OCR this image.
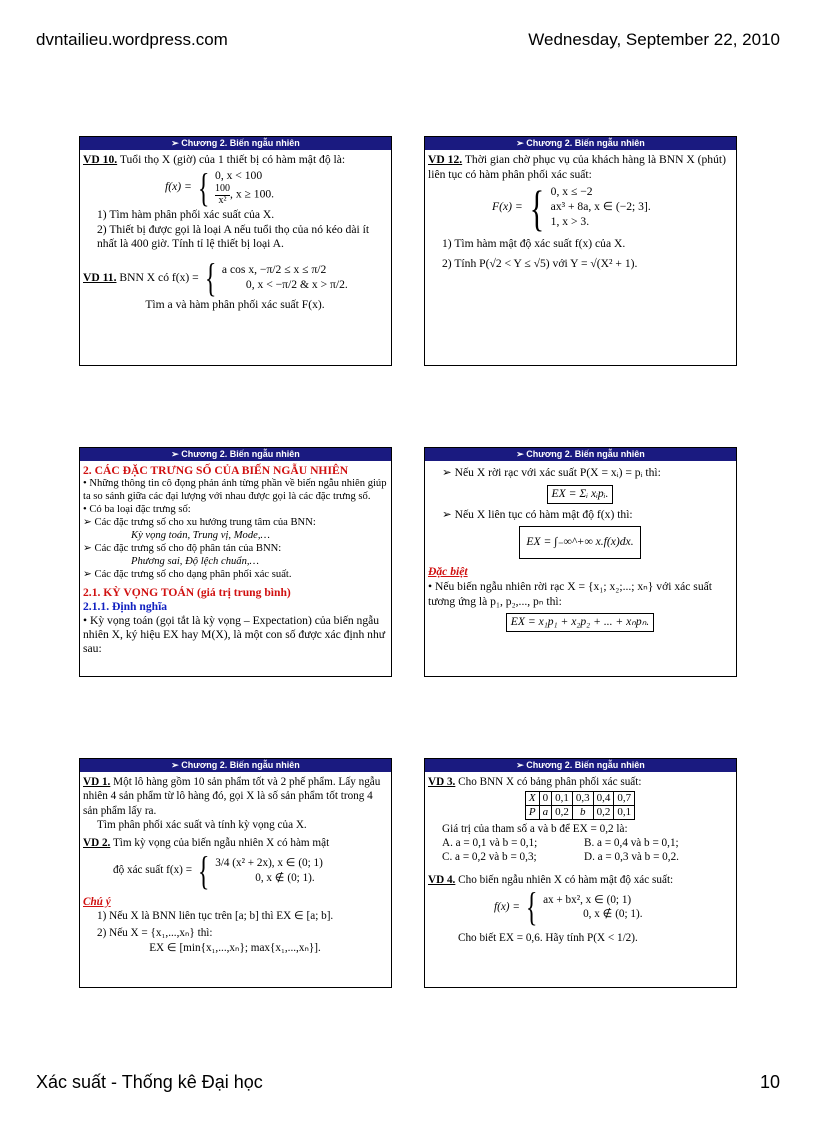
dvntailieu.wordpress.com	Wednesday, September 22, 2010
➢ Chương 2. Biến ngẫu nhiên

VD 10. Tuổi thọ X (giờ) của 1 thiết bị có hàm mật độ là:

f(x) = { 0, x < 100
$\frac{100}{\text{x²}}$ , x ≥ 100.

1) Tìm hàm phân phối xác suất của X.

2) Thiết bị được gọi là loại A nếu tuổi thọ của nó kéo dài ít nhất là 400 giờ. Tính tỉ lệ thiết bị loại A.

VD 11. BNN X có f(x) = { a cos x, −π/2 ≤ x ≤ π/2
0, x < −π/2 & x > π/2.

Tìm a và hàm phân phối xác suất F(x).

➢ Chương 2. Biến ngẫu nhiên

VD 12. Thời gian chờ phục vụ của khách hàng là BNN X (phút) liên tục có hàm phân phối xác suất:

F(x) = { 0, x ≤ −2
ax³ + 8a, x ∈ (−2; 3].
1, x > 3.

1) Tìm hàm mật độ xác suất f(x) của X.

2) Tính P(√2 < Y ≤ √5) với Y = √(X² + 1).

➢ Chương 2. Biến ngẫu nhiên

2. CÁC ĐẶC TRƯNG SỐ CỦA BIẾN NGẪU NHIÊN

• Những thông tin cô đọng phản ánh từng phần về biến ngẫu nhiên giúp ta so sánh giữa các đại lượng với nhau được gọi là các đặc trưng số.

• Có ba loại đặc trưng số:

➢ Các đặc trưng số cho xu hướng trung tâm của BNN:

Kỳ vọng toán, Trung vị, Mode,…

➢ Các đặc trưng số cho độ phân tán của BNN:

Phương sai, Độ lệch chuẩn,…

➢ Các đặc trưng số cho dạng phân phối xác suất.

2.1. KỲ VỌNG TOÁN (giá trị trung bình)

2.1.1. Định nghĩa

• Kỳ vọng toán (gọi tắt là kỳ vọng – Expectation) của biến ngẫu nhiên X, ký hiệu EX hay M(X), là một con số được xác định như sau:

➢ Chương 2. Biến ngẫu nhiên

➢ Nếu X rời rạc với xác suất P(X = xᵢ) = pᵢ thì:

EX = Σᵢ xᵢpᵢ.

➢ Nếu X liên tục có hàm mật độ f(x) thì:

EX = ∫₋∞^+∞ x.f(x)dx.

Đặc biệt

• Nếu biến ngẫu nhiên rời rạc X = {x₁; x₂;...; xₙ} với xác suất tương ứng là p₁, p₂,..., pₙ thì:

EX = x₁p₁ + x₂p₂ + ... + xₙpₙ.

➢ Chương 2. Biến ngẫu nhiên

VD 1. Một lô hàng gồm 10 sản phẩm tốt và 2 phế phẩm. Lấy ngẫu nhiên 4 sản phẩm từ lô hàng đó, gọi X là số sản phẩm tốt trong 4 sản phẩm lấy ra.

Tìm phân phối xác suất và tính kỳ vọng của X.

VD 2. Tìm kỳ vọng của biến ngẫu nhiên X có hàm mật

độ xác suất f(x) = { 3/4 (x² + 2x), x ∈ (0; 1)
0, x ∉ (0; 1).

Chú ý

1) Nếu X là BNN liên tục trên [a; b] thì EX ∈ [a; b].

2) Nếu X = {x₁,...,xₙ} thì:

EX ∈ [min{x₁,...,xₙ}; max{x₁,...,xₙ}].

➢ Chương 2. Biến ngẫu nhiên

VD 3. Cho BNN X có bảng phân phối xác suất:

X	0	0,1	0,3	0,4	0,7
P	a	0,2	b	0,2	0,1

Giá trị của tham số a và b để EX = 0,2 là:

A. a = 0,1 và b = 0,1;	B. a = 0,4 và b = 0,1;
C. a = 0,2 và b = 0,3;	D. a = 0,3 và b = 0,2.

VD 4. Cho biến ngẫu nhiên X có hàm mật độ xác suất:

f(x) = { ax + bx², x ∈ (0; 1)
0, x ∉ (0; 1).

Cho biết EX = 0,6. Hãy tính P(X < 1/2).

Xác suất - Thống kê Đại học	10
